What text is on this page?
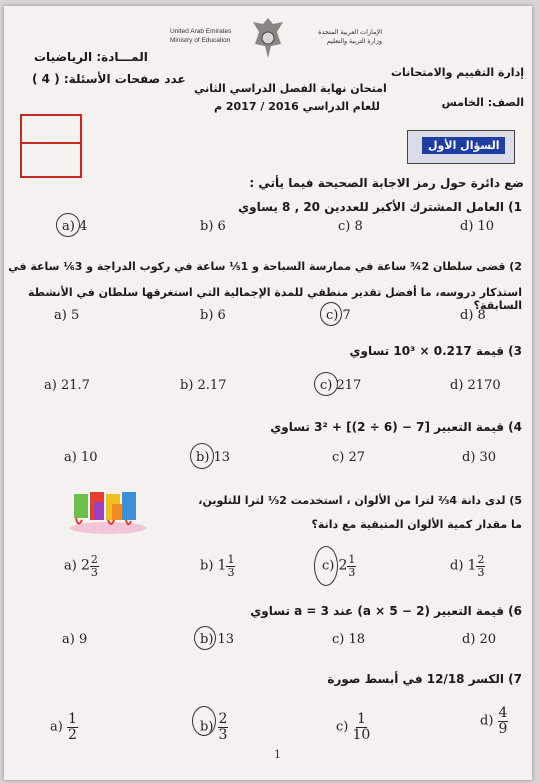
المـــادة: الرياضيات
عدد صفحات الأسئلة: ( 4 )
United Arab Emirates
Ministry of Education
الإمارات العربية المتحدة
وزارة التربية والتعليم
امتحان نهاية الفصل الدراسي الثاني
للعام الدراسي 2016 / 2017 م
إدارة التقييم والامتحانات
الصف: الخامس
السؤال الأول
ضع دائرة حول رمز الاجابة الصحيحة فيما يأتي :
1) العامل المشترك الأكبر للعددين 20 , 8 يساوي
a) 4	b) 6	c) 8	d) 10
2) قضى سلطان 2¾ ساعة في ممارسة السباحة و 1⅕ ساعة في ركوب الدراجة و 3⅙ ساعة في
استذكار دروسه، ما أفضل تقدير منطقي للمدة الإجمالية التي استغرقها سلطان في الأنشطة السابقة؟
a) 5	b) 6	c) 7	d) 8
3) قيمة 0.217 × 10³ تساوي
a) 21.7	b) 2.17	c) 217	d) 2170
4) قيمة التعبير [7 − (6 ÷ 2)] + 3² تساوي
a) 10	b) 13	c) 27	d) 30
5) لدى دانة 4⅔ لترا من الألوان ، استخدمت 2⅓ لترا للتلوين،
ما مقدار كمية الألوان المتبقية مع دانة؟
a) $2 \frac{2}{3}$	b) $1 \frac{1}{3}$	c) $2 \frac{1}{3}$	d) $1 \frac{2}{3}$
6) قيمة التعبير (a × 5 − 2) عند a = 3 تساوي
a) 9	b) 13	c) 18	d) 20
7) الكسر 12/18 في أبسط صورة
$a) \frac{1}{2}$	$b) \frac{2}{3}$	$c) \frac{1}{10}$	$d) \frac{4}{9}$
1
